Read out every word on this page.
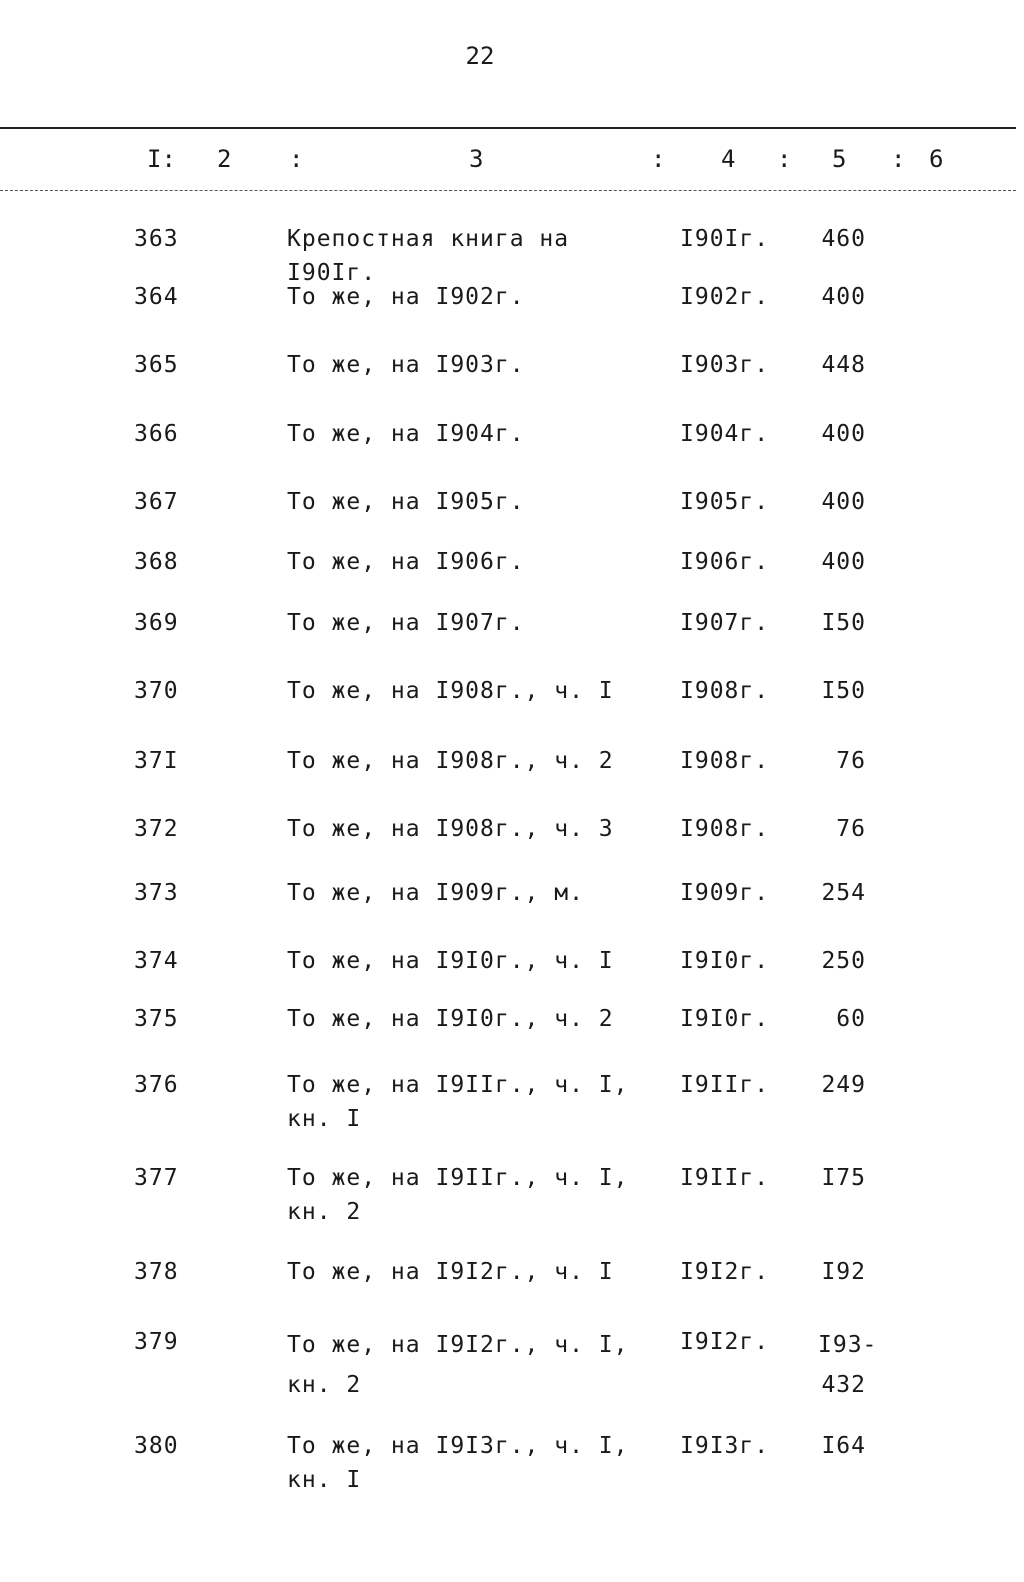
22
I: 2 :	3	: 4 : 5 : 6
363	Крепостная книга на I90Iг.
I90Iг. 460
364	То же, на I902г.	I902г. 400
365	То же, на I903г.	I903г. 448
366	То же, на I904г.	I904г. 400
367	То же, на I905г.	I905г. 400
368	То же, на I906г.	I906г. 400
369	То же, на I907г.	I907г. I50
370	То же, на I908г., ч. I	I908г. I50
37I	То же, на I908г., ч. 2	I908г.	76
372	То же, на I908г., ч. 3	I908г.	76
373	То же, на I909г., м.	I909г. 254
374	То же, на I9I0г., ч. I	I9I0г. 250
375	То же, на I9I0г., ч. 2	I9I0г.	60
376	То же, на I9IIг., ч. I,
кн. I
I9IIг. 249
377	То же, на I9IIг., ч. I,
кн. 2
I9IIг. I75
378	То же, на I9I2г., ч. I	I9I2г. I92
379	То же, на I9I2г., ч. I,
кн. 2
I9I2г. I93-
432
380	То же, на I9I3г., ч. I,
кн. I
I9I3г. I64
